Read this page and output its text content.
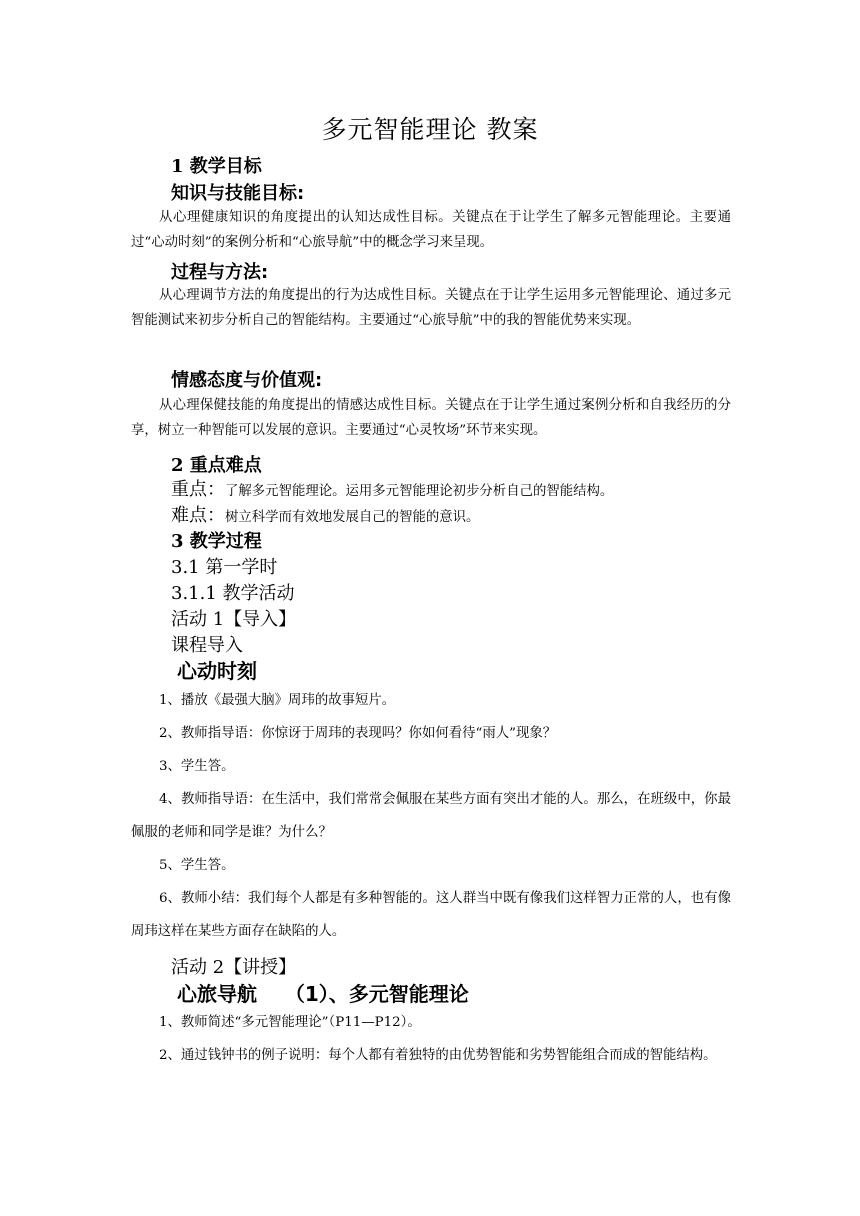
多元智能理论 教案
1 教学目标
知识与技能目标:
从心理健康知识的角度提出的认知达成性目标。关键点在于让学生了解多元智能理论。主要通过“心动时刻”的案例分析和“心旅导航”中的概念学习来呈现。
过程与方法:
从心理调节方法的角度提出的行为达成性目标。关键点在于让学生运用多元智能理论、通过多元智能测试来初步分析自己的智能结构。主要通过“心旅导航”中的我的智能优势来实现。
情感态度与价值观:
从心理保健技能的角度提出的情感达成性目标。关键点在于让学生通过案例分析和自我经历的分享，树立一种智能可以发展的意识。主要通过“心灵牧场”环节来实现。
2 重点难点
重点：了解多元智能理论。运用多元智能理论初步分析自己的智能结构。
难点：树立科学而有效地发展自己的智能的意识。
3 教学过程
3.1 第一学时
3.1.1 教学活动
活动 1【导入】
课程导入
心动时刻
1、播放《最强大脑》周玮的故事短片。
2、教师指导语：你惊讶于周玮的表现吗？你如何看待“雨人”现象？
3、学生答。
4、教师指导语：在生活中，我们常常会佩服在某些方面有突出才能的人。那么，在班级中，你最佩服的老师和同学是谁？为什么？
5、学生答。
6、教师小结：我们每个人都是有多种智能的。这人群当中既有像我们这样智力正常的人，也有像周玮这样在某些方面存在缺陷的人。
活动 2【讲授】
心旅导航    （1）、多元智能理论
1、教师简述“多元智能理论”（P11—P12）。
2、通过钱钟书的例子说明：每个人都有着独特的由优势智能和劣势智能组合而成的智能结构。
